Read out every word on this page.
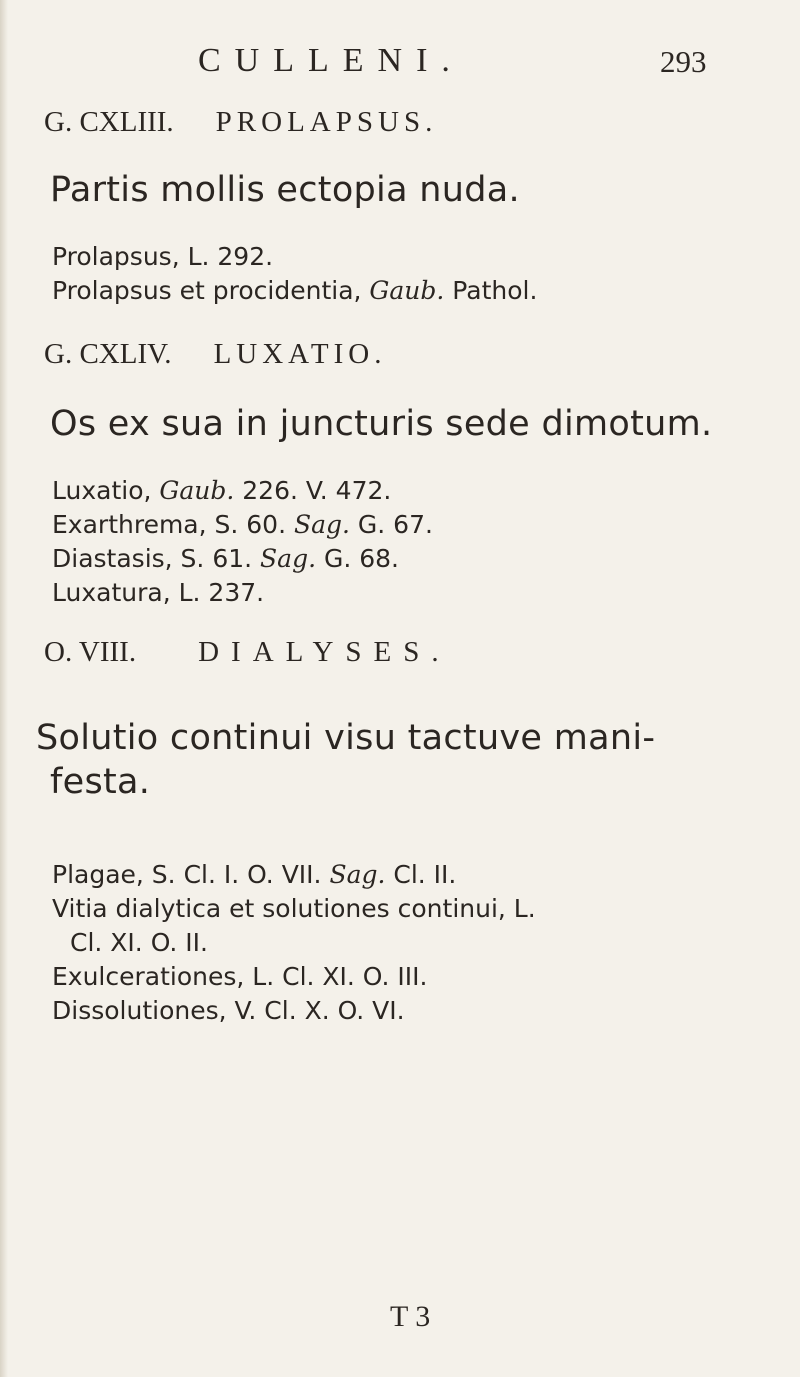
CULLENI.	293
G. CXLIII. PROLAPSUS.
Partis mollis ectopia nuda.
Prolapsus, L. 292.
Prolapsus et procidentia, Gaub. Pathol.
G. CXLIV. LUXATIO.
Os ex sua in juncturis sede dimotum.
Luxatio, Gaub. 226. V. 472.
Exarthrema, S. 60. Sag. G. 67.
Diastasis, S. 61. Sag. G. 68.
Luxatura, L. 237.
O. VIII. DIALYSES.
Solutio continui visu tactuve mani-
festa.
Plagae, S. Cl. I. O. VII. Sag. Cl. II.
Vitia dialytica et solutiones continui, L.
Cl. XI. O. II.
Exulcerationes, L. Cl. XI. O. III.
Dissolutiones, V. Cl. X. O. VI.
T 3
